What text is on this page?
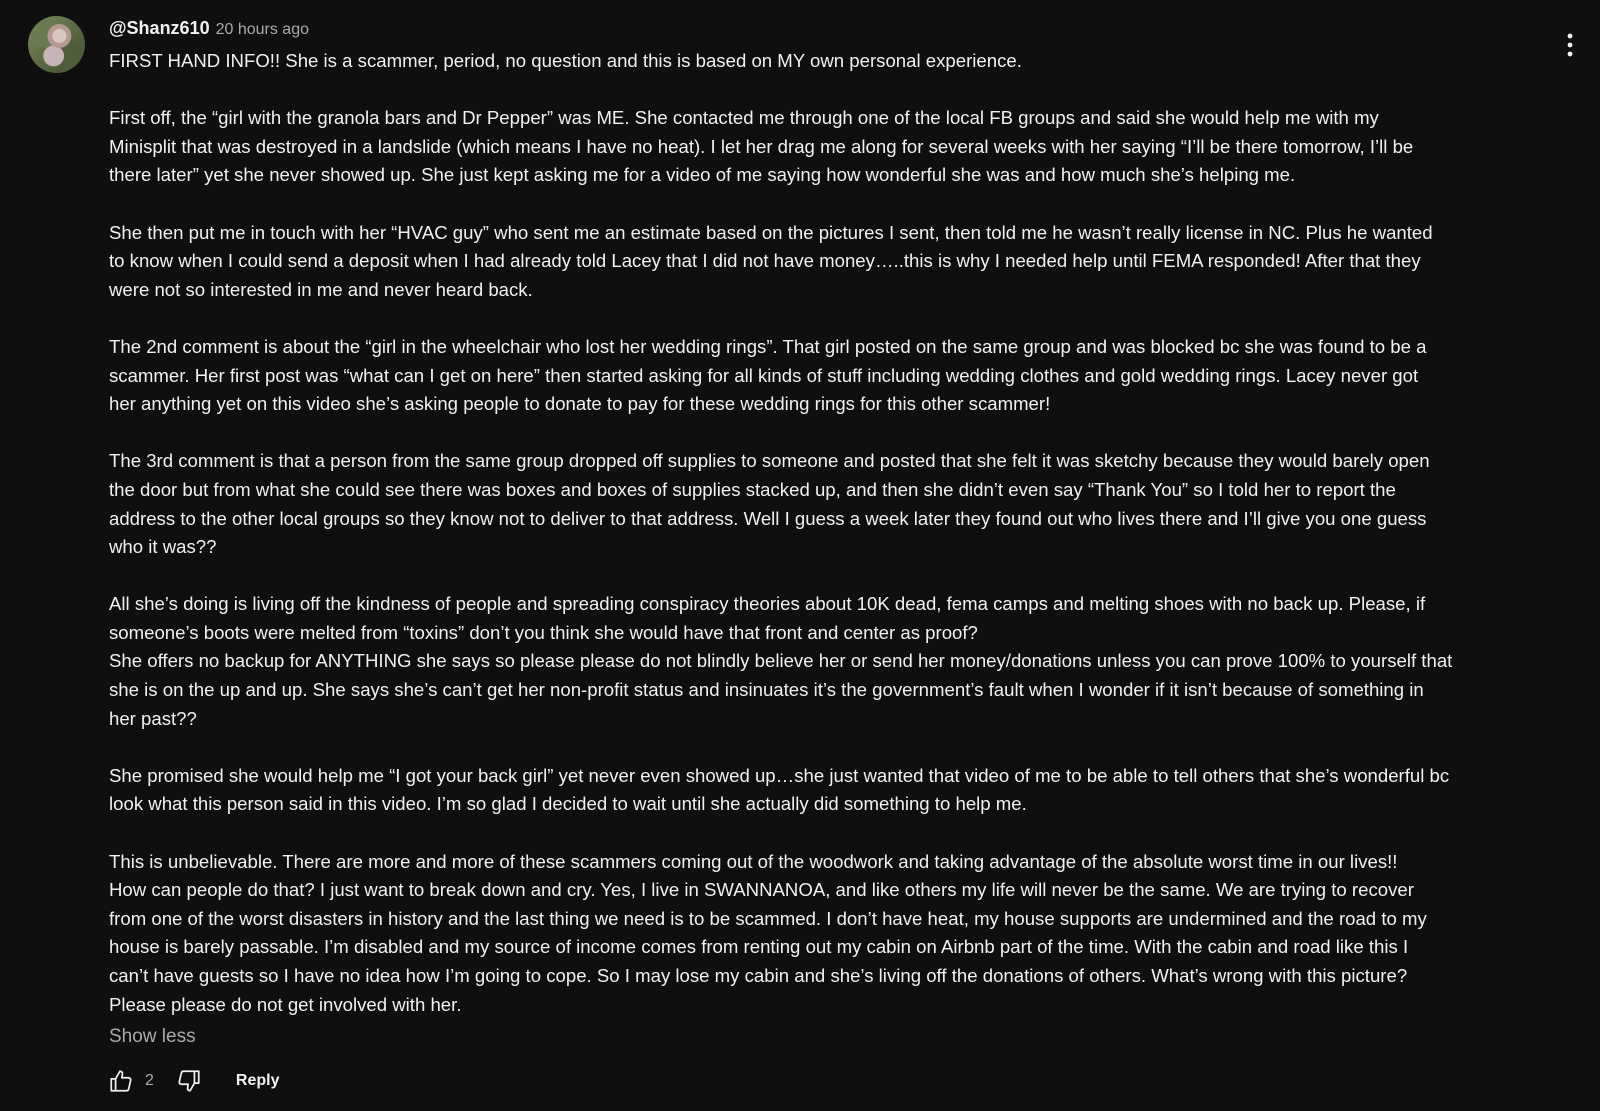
@Shanz610 20 hours ago

FIRST HAND INFO!! She is a scammer, period, no question and this is based on MY own personal experience.

First off, the “girl with the granola bars and Dr Pepper” was ME. She contacted me through one of the local FB groups and said she would help me with my

Minisplit that was destroyed in a landslide (which means I have no heat). I let her drag me along for several weeks with her saying “I’ll be there tomorrow, I’ll be

there later” yet she never showed up. She just kept asking me for a video of me saying how wonderful she was and how much she’s helping me.

She then put me in touch with her “HVAC guy” who sent me an estimate based on the pictures I sent, then told me he wasn’t really license in NC. Plus he wanted

to know when I could send a deposit when I had already told Lacey that I did not have money…..this is why I needed help until FEMA responded! After that they

were not so interested in me and never heard back.

The 2nd comment is about the “girl in the wheelchair who lost her wedding rings”. That girl posted on the same group and was blocked bc she was found to be a

scammer. Her first post was “what can I get on here” then started asking for all kinds of stuff including wedding clothes and gold wedding rings. Lacey never got

her anything yet on this video she’s asking people to donate to pay for these wedding rings for this other scammer!

The 3rd comment is that a person from the same group dropped off supplies to someone and posted that she felt it was sketchy because they would barely open

the door but from what she could see there was boxes and boxes of supplies stacked up, and then she didn’t even say “Thank You” so I told her to report the

address to the other local groups so they know not to deliver to that address. Well I guess a week later they found out who lives there and I’ll give you one guess

who it was??

All she’s doing is living off the kindness of people and spreading conspiracy theories about 10K dead, fema camps and melting shoes with no back up. Please, if

someone’s boots were melted from “toxins” don’t you think she would have that front and center as proof?

She offers no backup for ANYTHING she says so please please do not blindly believe her or send her money/donations unless you can prove 100% to yourself that

she is on the up and up. She says she’s can’t get her non-profit status and insinuates it’s the government’s fault when I wonder if it isn’t because of something in

her past??

She promised she would help me “I got your back girl” yet never even showed up…she just wanted that video of me to be able to tell others that she’s wonderful bc

look what this person said in this video. I’m so glad I decided to wait until she actually did something to help me.

This is unbelievable. There are more and more of these scammers coming out of the woodwork and taking advantage of the absolute worst time in our lives!!

How can people do that? I just want to break down and cry. Yes, I live in SWANNANOA, and like others my life will never be the same. We are trying to recover

from one of the worst disasters in history and the last thing we need is to be scammed. I don’t have heat, my house supports are undermined and the road to my

house is barely passable. I’m disabled and my source of income comes from renting out my cabin on Airbnb part of the time. With the cabin and road like this I

can’t have guests so I have no idea how I’m going to cope. So I may lose my cabin and she’s living off the donations of others. What’s wrong with this picture?

Please please do not get involved with her.

Show less
2	Reply
